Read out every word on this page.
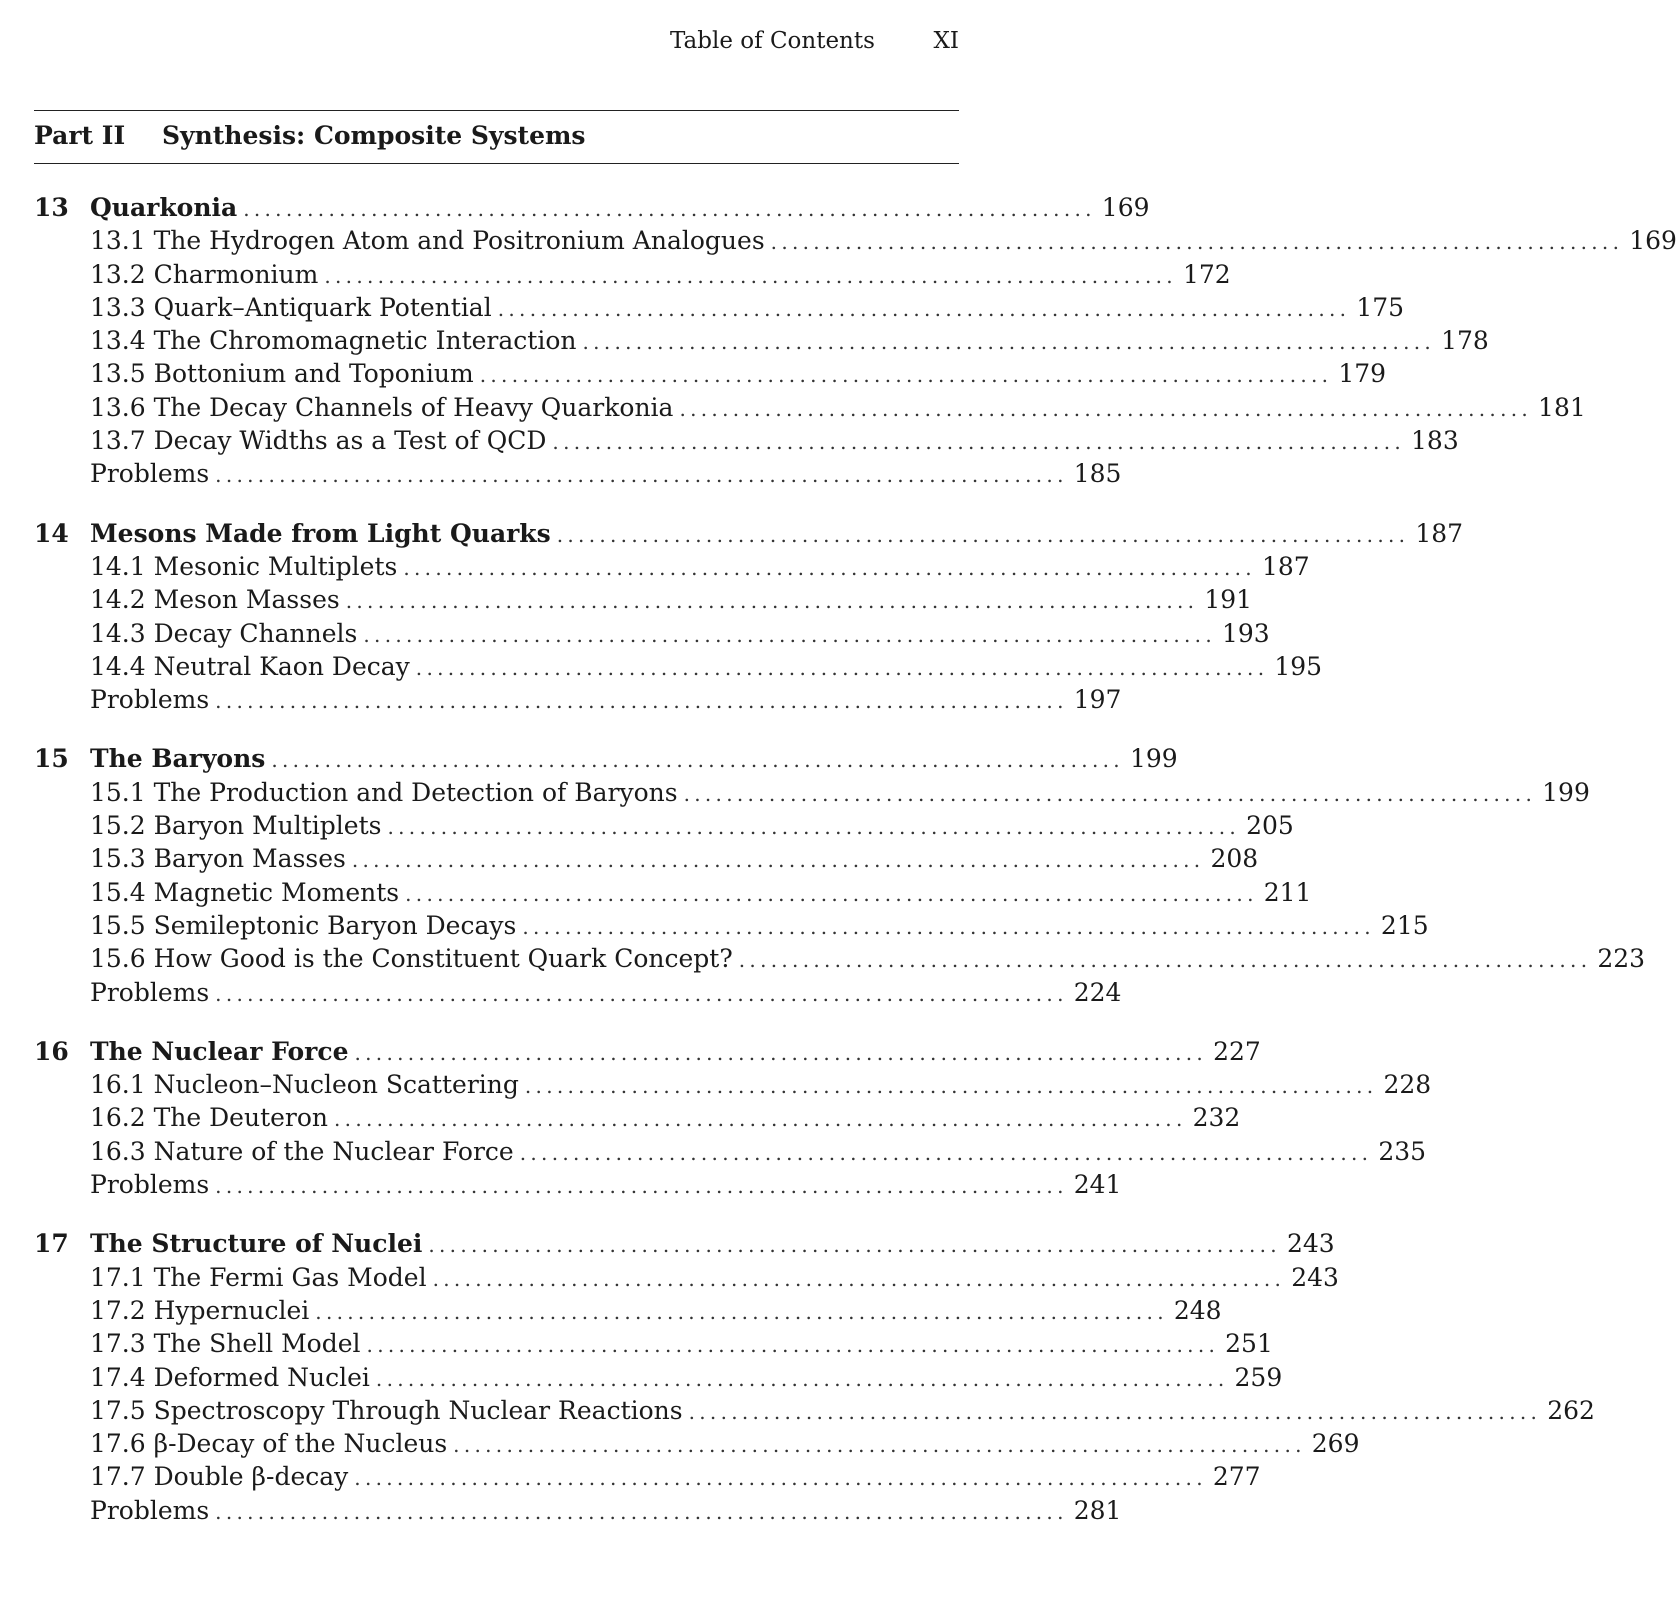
Table of Contents	XI
Part II Synthesis: Composite Systems
13 Quarkonia ................................................................................ 169
13.1 The Hydrogen Atom and Positronium Analogues ................................................................................ 169
13.2 Charmonium ................................................................................ 172
13.3 Quark–Antiquark Potential ................................................................................ 175
13.4 The Chromomagnetic Interaction ................................................................................ 178
13.5 Bottonium and Toponium ................................................................................ 179
13.6 The Decay Channels of Heavy Quarkonia ................................................................................ 181
13.7 Decay Widths as a Test of QCD ................................................................................ 183
Problems ................................................................................ 185
14 Mesons Made from Light Quarks ................................................................................ 187
14.1 Mesonic Multiplets ................................................................................ 187
14.2 Meson Masses ................................................................................ 191
14.3 Decay Channels ................................................................................ 193
14.4 Neutral Kaon Decay ................................................................................ 195
Problems ................................................................................ 197
15 The Baryons ................................................................................ 199
15.1 The Production and Detection of Baryons ................................................................................ 199
15.2 Baryon Multiplets ................................................................................ 205
15.3 Baryon Masses ................................................................................ 208
15.4 Magnetic Moments ................................................................................ 211
15.5 Semileptonic Baryon Decays ................................................................................ 215
15.6 How Good is the Constituent Quark Concept? ................................................................................ 223
Problems ................................................................................ 224
16 The Nuclear Force ................................................................................ 227
16.1 Nucleon–Nucleon Scattering ................................................................................ 228
16.2 The Deuteron ................................................................................ 232
16.3 Nature of the Nuclear Force ................................................................................ 235
Problems ................................................................................ 241
17 The Structure of Nuclei ................................................................................ 243
17.1 The Fermi Gas Model ................................................................................ 243
17.2 Hypernuclei ................................................................................ 248
17.3 The Shell Model ................................................................................ 251
17.4 Deformed Nuclei ................................................................................ 259
17.5 Spectroscopy Through Nuclear Reactions ................................................................................ 262
17.6 β-Decay of the Nucleus ................................................................................ 269
17.7 Double β-decay ................................................................................ 277
Problems ................................................................................ 281
